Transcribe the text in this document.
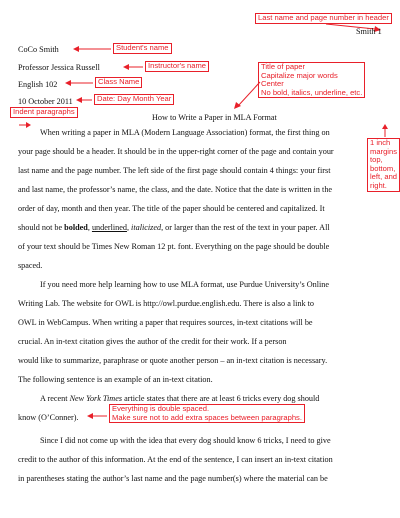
Last name and page number in header
Smith 1
CoCo Smith	Student's name
Professor Jessica Russell	Instructor's name
English 102	Class Name
10 October 2011	Date: Day Month Year
Title of paper
Capitalize major words
Center
No bold, italics, underline, etc.
Indent paragraphs
How to Write a Paper in MLA Format
1 inch
margins
top,
bottom,
left, and
right.
When writing a paper in MLA (Modern Language Association) format, the first thing on
your page should be a header. It should be in the upper-right corner of the page and contain your
last name and the page number. The left side of the first page should contain 4 things: your first
and last name, the professor’s name, the class, and the date. Notice that the date is written in the
order of day, month and then year. The title of the paper should be centered and capitalized. It
should not be bolded, underlined, italicized, or larger than the rest of the text in your paper. All
of your text should be Times New Roman 12 pt. font. Everything on the page should be double
spaced.
If you need more help learning how to use MLA format, use Purdue University’s Online
Writing Lab. The website for OWL is http://owl.purdue.english.edu. There is also a link to
OWL in WebCampus. When writing a paper that requires sources, in-text citations will be
crucial. An in-text citation gives the author of the credit for their work. If a person
would like to summarize, paraphrase or quote another person – an in-text citation is necessary.
The following sentence is an example of an in-text citation.
A recent New York Times article states that there are at least 6 tricks every dog should
know (O’Conner).
Everything is double spaced.
Make sure not to add extra spaces between paragraphs.
Since I did not come up with the idea that every dog should know 6 tricks, I need to give
credit to the author of this information. At the end of the sentence, I can insert an in-text citation
in parentheses stating the author’s last name and the page number(s) where the material can be
